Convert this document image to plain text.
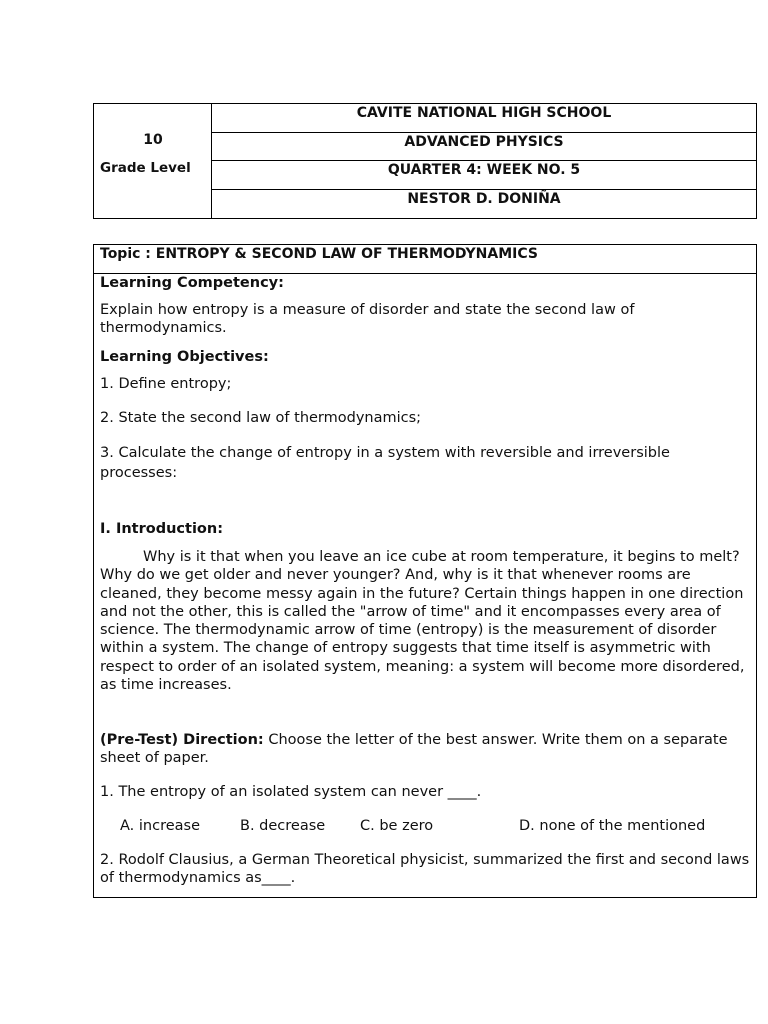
10
Grade Level
CAVITE NATIONAL HIGH SCHOOL
ADVANCED PHYSICS
QUARTER 4: WEEK NO. 5
NESTOR D. DONIÑA
Topic : ENTROPY & SECOND LAW OF THERMODYNAMICS

Learning Competency:

Explain how entropy is a measure of disorder and state the second law of thermodynamics.

Learning Objectives:

1. Define entropy;

2. State the second law of thermodynamics;

3. Calculate the change of entropy in a system with reversible and irreversible processes:

I. Introduction:

Why is it that when you leave an ice cube at room temperature, it begins to melt? Why do we get older and never younger? And, why is it that whenever rooms are cleaned, they become messy again in the future? Certain things happen in one direction and not the other, this is called the "arrow of time" and it encompasses every area of science. The thermodynamic arrow of time (entropy) is the measurement of disorder within a system. The change of entropy suggests that time itself is asymmetric with respect to order of an isolated system, meaning: a system will become more disordered, as time increases.

(Pre-Test) Direction: Choose the letter of the best answer. Write them on a separate sheet of paper.

1. The entropy of an isolated system can never ____.

A. increase	B. decrease C. be zero	D. none of the mentioned

2. Rodolf Clausius, a German Theoretical physicist, summarized the first and second laws of thermodynamics as____.
